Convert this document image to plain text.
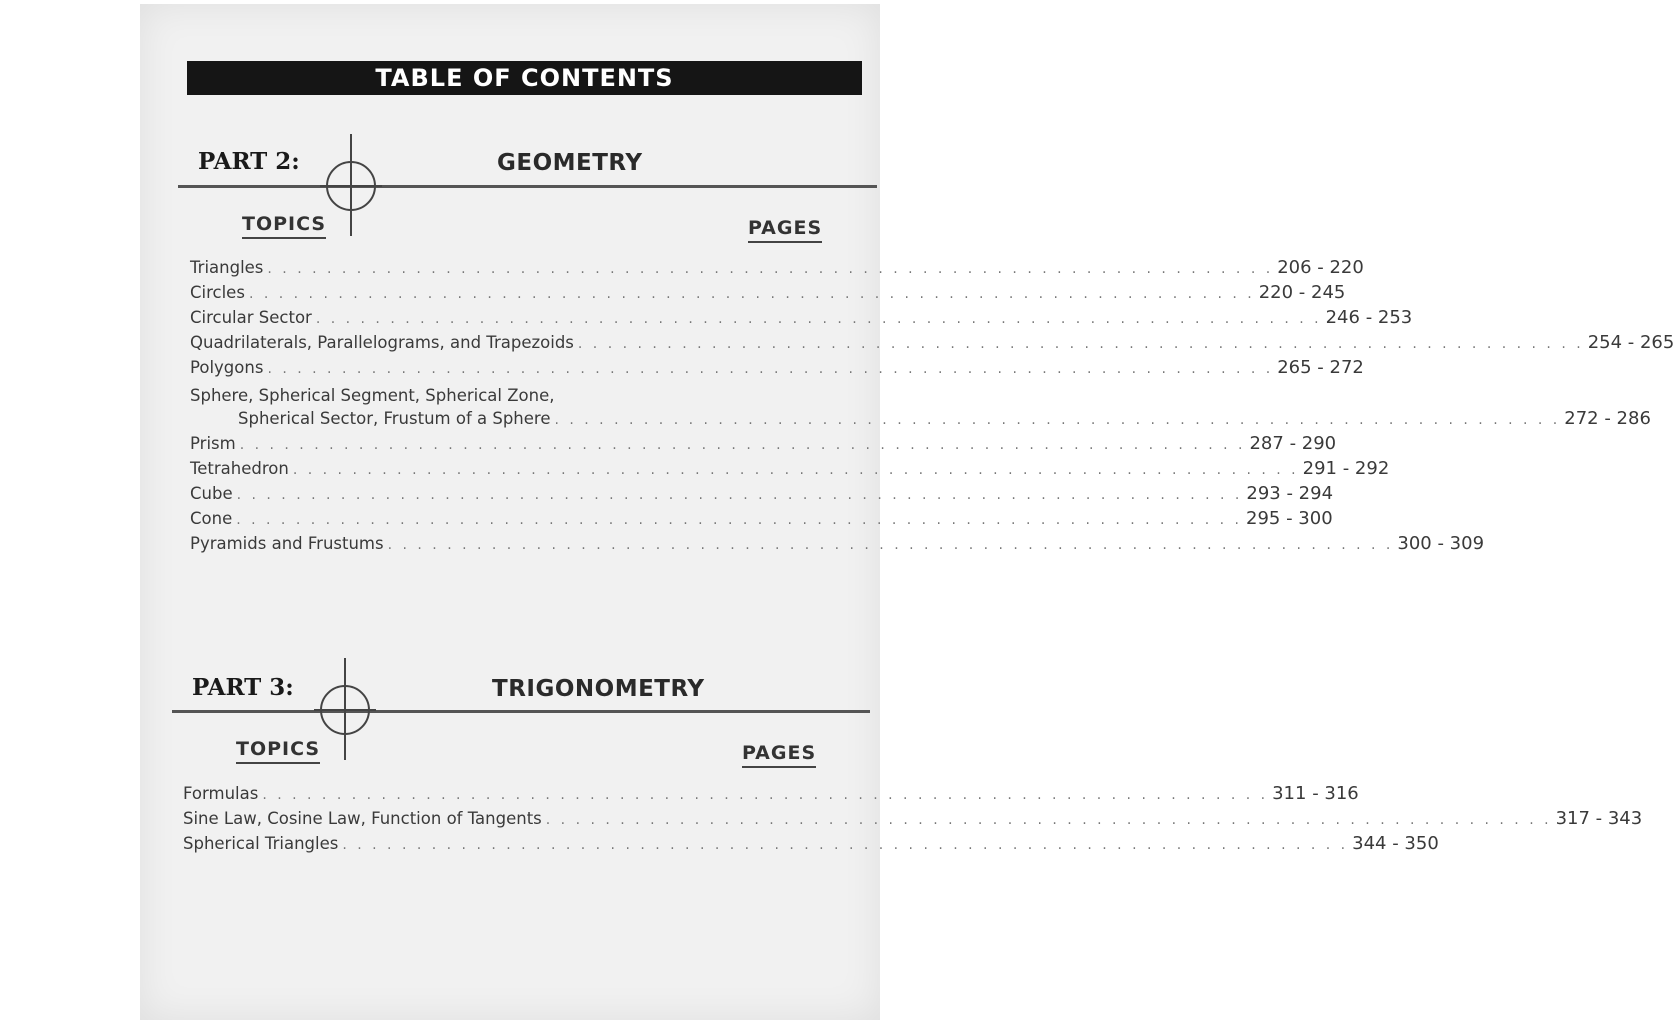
TABLE OF CONTENTS
PART 2:	GEOMETRY
TOPICS	PAGES
PART 3:	TRIGONOMETRY
TOPICS	PAGES
Triangles . . . . . . . . . . . . . . . . . . . . . . . . . . . . . . . . . . . . . . . . . . . . . . . . . . . . . . . . . . . . . . . . . . . . 206 - 220
Circles . . . . . . . . . . . . . . . . . . . . . . . . . . . . . . . . . . . . . . . . . . . . . . . . . . . . . . . . . . . . . . . . . . . . 220 - 245
Circular Sector . . . . . . . . . . . . . . . . . . . . . . . . . . . . . . . . . . . . . . . . . . . . . . . . . . . . . . . . . . . . . . . . . . . . 246 - 253
Quadrilaterals, Parallelograms, and Trapezoids . . . . . . . . . . . . . . . . . . . . . . . . . . . . . . . . . . . . . . . . . . . . . . . . . . . . . . . . . . . . . . . . . . . . 254 - 265
Polygons . . . . . . . . . . . . . . . . . . . . . . . . . . . . . . . . . . . . . . . . . . . . . . . . . . . . . . . . . . . . . . . . . . . . 265 - 272
Sphere, Spherical Segment, Spherical Zone,
Spherical Sector, Frustum of a Sphere . . . . . . . . . . . . . . . . . . . . . . . . . . . . . . . . . . . . . . . . . . . . . . . . . . . . . . . . . . . . . . . . . . . . 272 - 286
Prism . . . . . . . . . . . . . . . . . . . . . . . . . . . . . . . . . . . . . . . . . . . . . . . . . . . . . . . . . . . . . . . . . . . . 287 - 290
Tetrahedron . . . . . . . . . . . . . . . . . . . . . . . . . . . . . . . . . . . . . . . . . . . . . . . . . . . . . . . . . . . . . . . . . . . . 291 - 292
Cube . . . . . . . . . . . . . . . . . . . . . . . . . . . . . . . . . . . . . . . . . . . . . . . . . . . . . . . . . . . . . . . . . . . . 293 - 294
Cone . . . . . . . . . . . . . . . . . . . . . . . . . . . . . . . . . . . . . . . . . . . . . . . . . . . . . . . . . . . . . . . . . . . . 295 - 300
Pyramids and Frustums . . . . . . . . . . . . . . . . . . . . . . . . . . . . . . . . . . . . . . . . . . . . . . . . . . . . . . . . . . . . . . . . . . . . 300 - 309
Formulas . . . . . . . . . . . . . . . . . . . . . . . . . . . . . . . . . . . . . . . . . . . . . . . . . . . . . . . . . . . . . . . . . . . . 311 - 316
Sine Law, Cosine Law, Function of Tangents . . . . . . . . . . . . . . . . . . . . . . . . . . . . . . . . . . . . . . . . . . . . . . . . . . . . . . . . . . . . . . . . . . . . 317 - 343
Spherical Triangles . . . . . . . . . . . . . . . . . . . . . . . . . . . . . . . . . . . . . . . . . . . . . . . . . . . . . . . . . . . . . . . . . . . . 344 - 350
